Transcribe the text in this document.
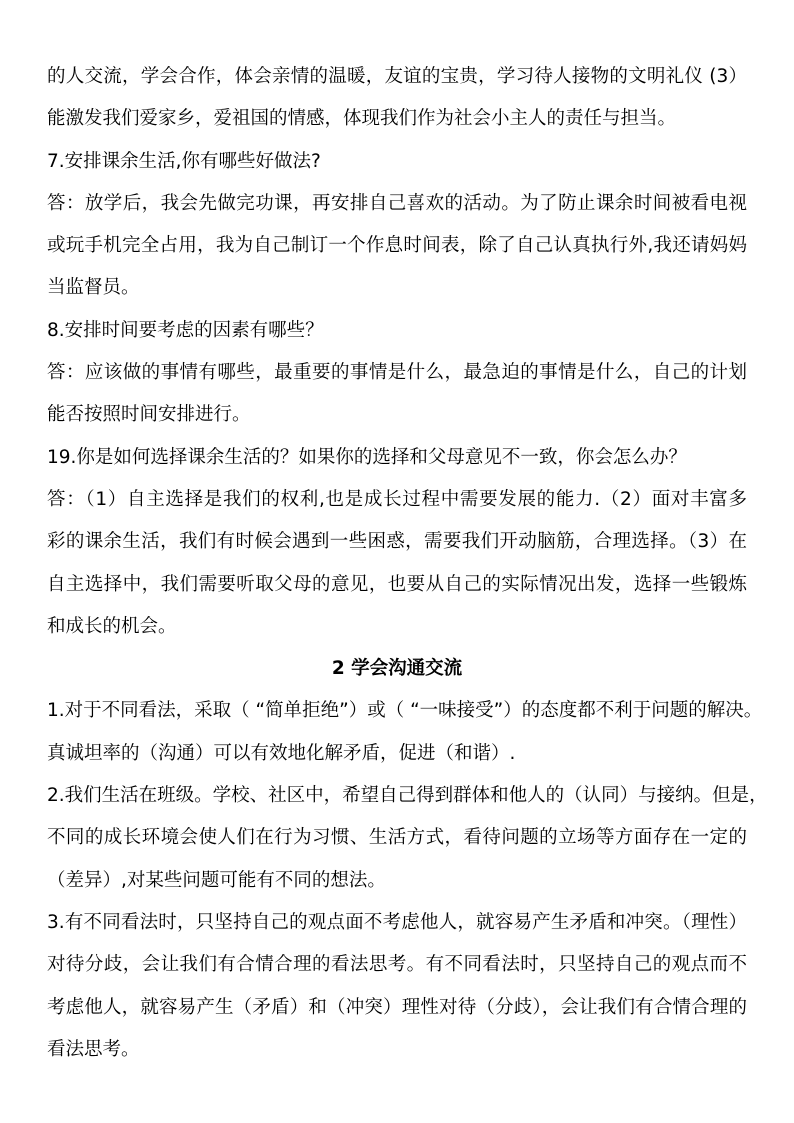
的人交流，学会合作，体会亲情的温暖，友谊的宝贵，学习待人接物的文明礼仪 (3）
能激发我们爱家乡，爱祖国的情感，体现我们作为社会小主人的责任与担当。
7.安排课余生活,你有哪些好做法?
答：放学后，我会先做完功课，再安排自己喜欢的活动。为了防止课余时间被看电视
或玩手机完全占用，我为自己制订一个作息时间表，除了自己认真执行外,我还请妈妈
当监督员。
8.安排时间要考虑的因素有哪些？
答：应该做的事情有哪些，最重要的事情是什么，最急迫的事情是什么，自己的计划
能否按照时间安排进行。
19.你是如何选择课余生活的？如果你的选择和父母意见不一致，你会怎么办？
答：（1）自主选择是我们的权利,也是成长过程中需要发展的能力.（2）面对丰富多
彩的课余生活，我们有时候会遇到一些困惑，需要我们开动脑筋，合理选择。（3）在
自主选择中，我们需要听取父母的意见，也要从自己的实际情况出发，选择一些锻炼
和成长的机会。
2 学会沟通交流
1.对于不同看法，采取（ “简单拒绝”）或（ “一味接受”）的态度都不利于问题的解决。
真诚坦率的（沟通）可以有效地化解矛盾，促进（和谐）.
2.我们生活在班级。学校、社区中，希望自己得到群体和他人的（认同）与接纳。但是，
不同的成长环境会使人们在行为习惯、生活方式，看待问题的立场等方面存在一定的
（差异）,对某些问题可能有不同的想法。
3.有不同看法时，只坚持自己的观点面不考虑他人，就容易产生矛盾和冲突。（理性）
对待分歧，会让我们有合情合理的看法思考。有不同看法时，只坚持自己的观点而不
考虑他人，就容易产生（矛盾）和（冲突）理性对待（分歧），会让我们有合情合理的
看法思考。
